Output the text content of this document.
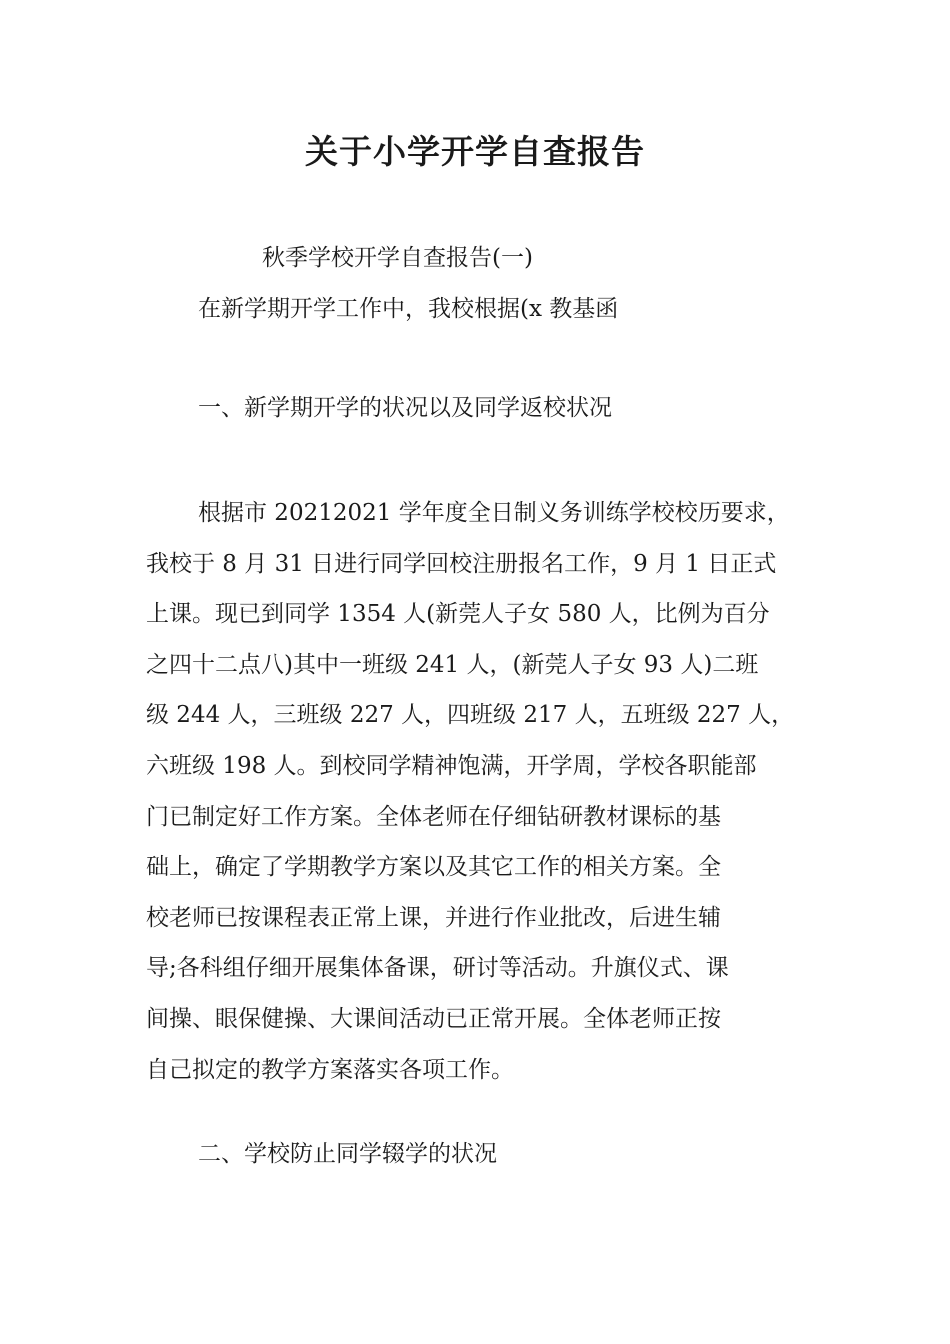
关于小学开学自查报告
秋季学校开学自查报告(一)
在新学期开学工作中，我校根据(x 教基函
一、新学期开学的状况以及同学返校状况
根据市 20212021 学年度全日制义务训练学校校历要求，
我校于 8 月 31 日进行同学回校注册报名工作，9 月 1 日正式
上课。现已到同学 1354 人(新莞人子女 580 人，比例为百分
之四十二点八)其中一班级 241 人，(新莞人子女 93 人)二班
级 244 人，三班级 227 人，四班级 217 人，五班级 227 人，
六班级 198 人。到校同学精神饱满，开学周，学校各职能部
门已制定好工作方案。全体老师在仔细钻研教材课标的基
础上，确定了学期教学方案以及其它工作的相关方案。全
校老师已按课程表正常上课，并进行作业批改，后进生辅
导;各科组仔细开展集体备课，研讨等活动。升旗仪式、课
间操、眼保健操、大课间活动已正常开展。全体老师正按
自己拟定的教学方案落实各项工作。
二、学校防止同学辍学的状况
